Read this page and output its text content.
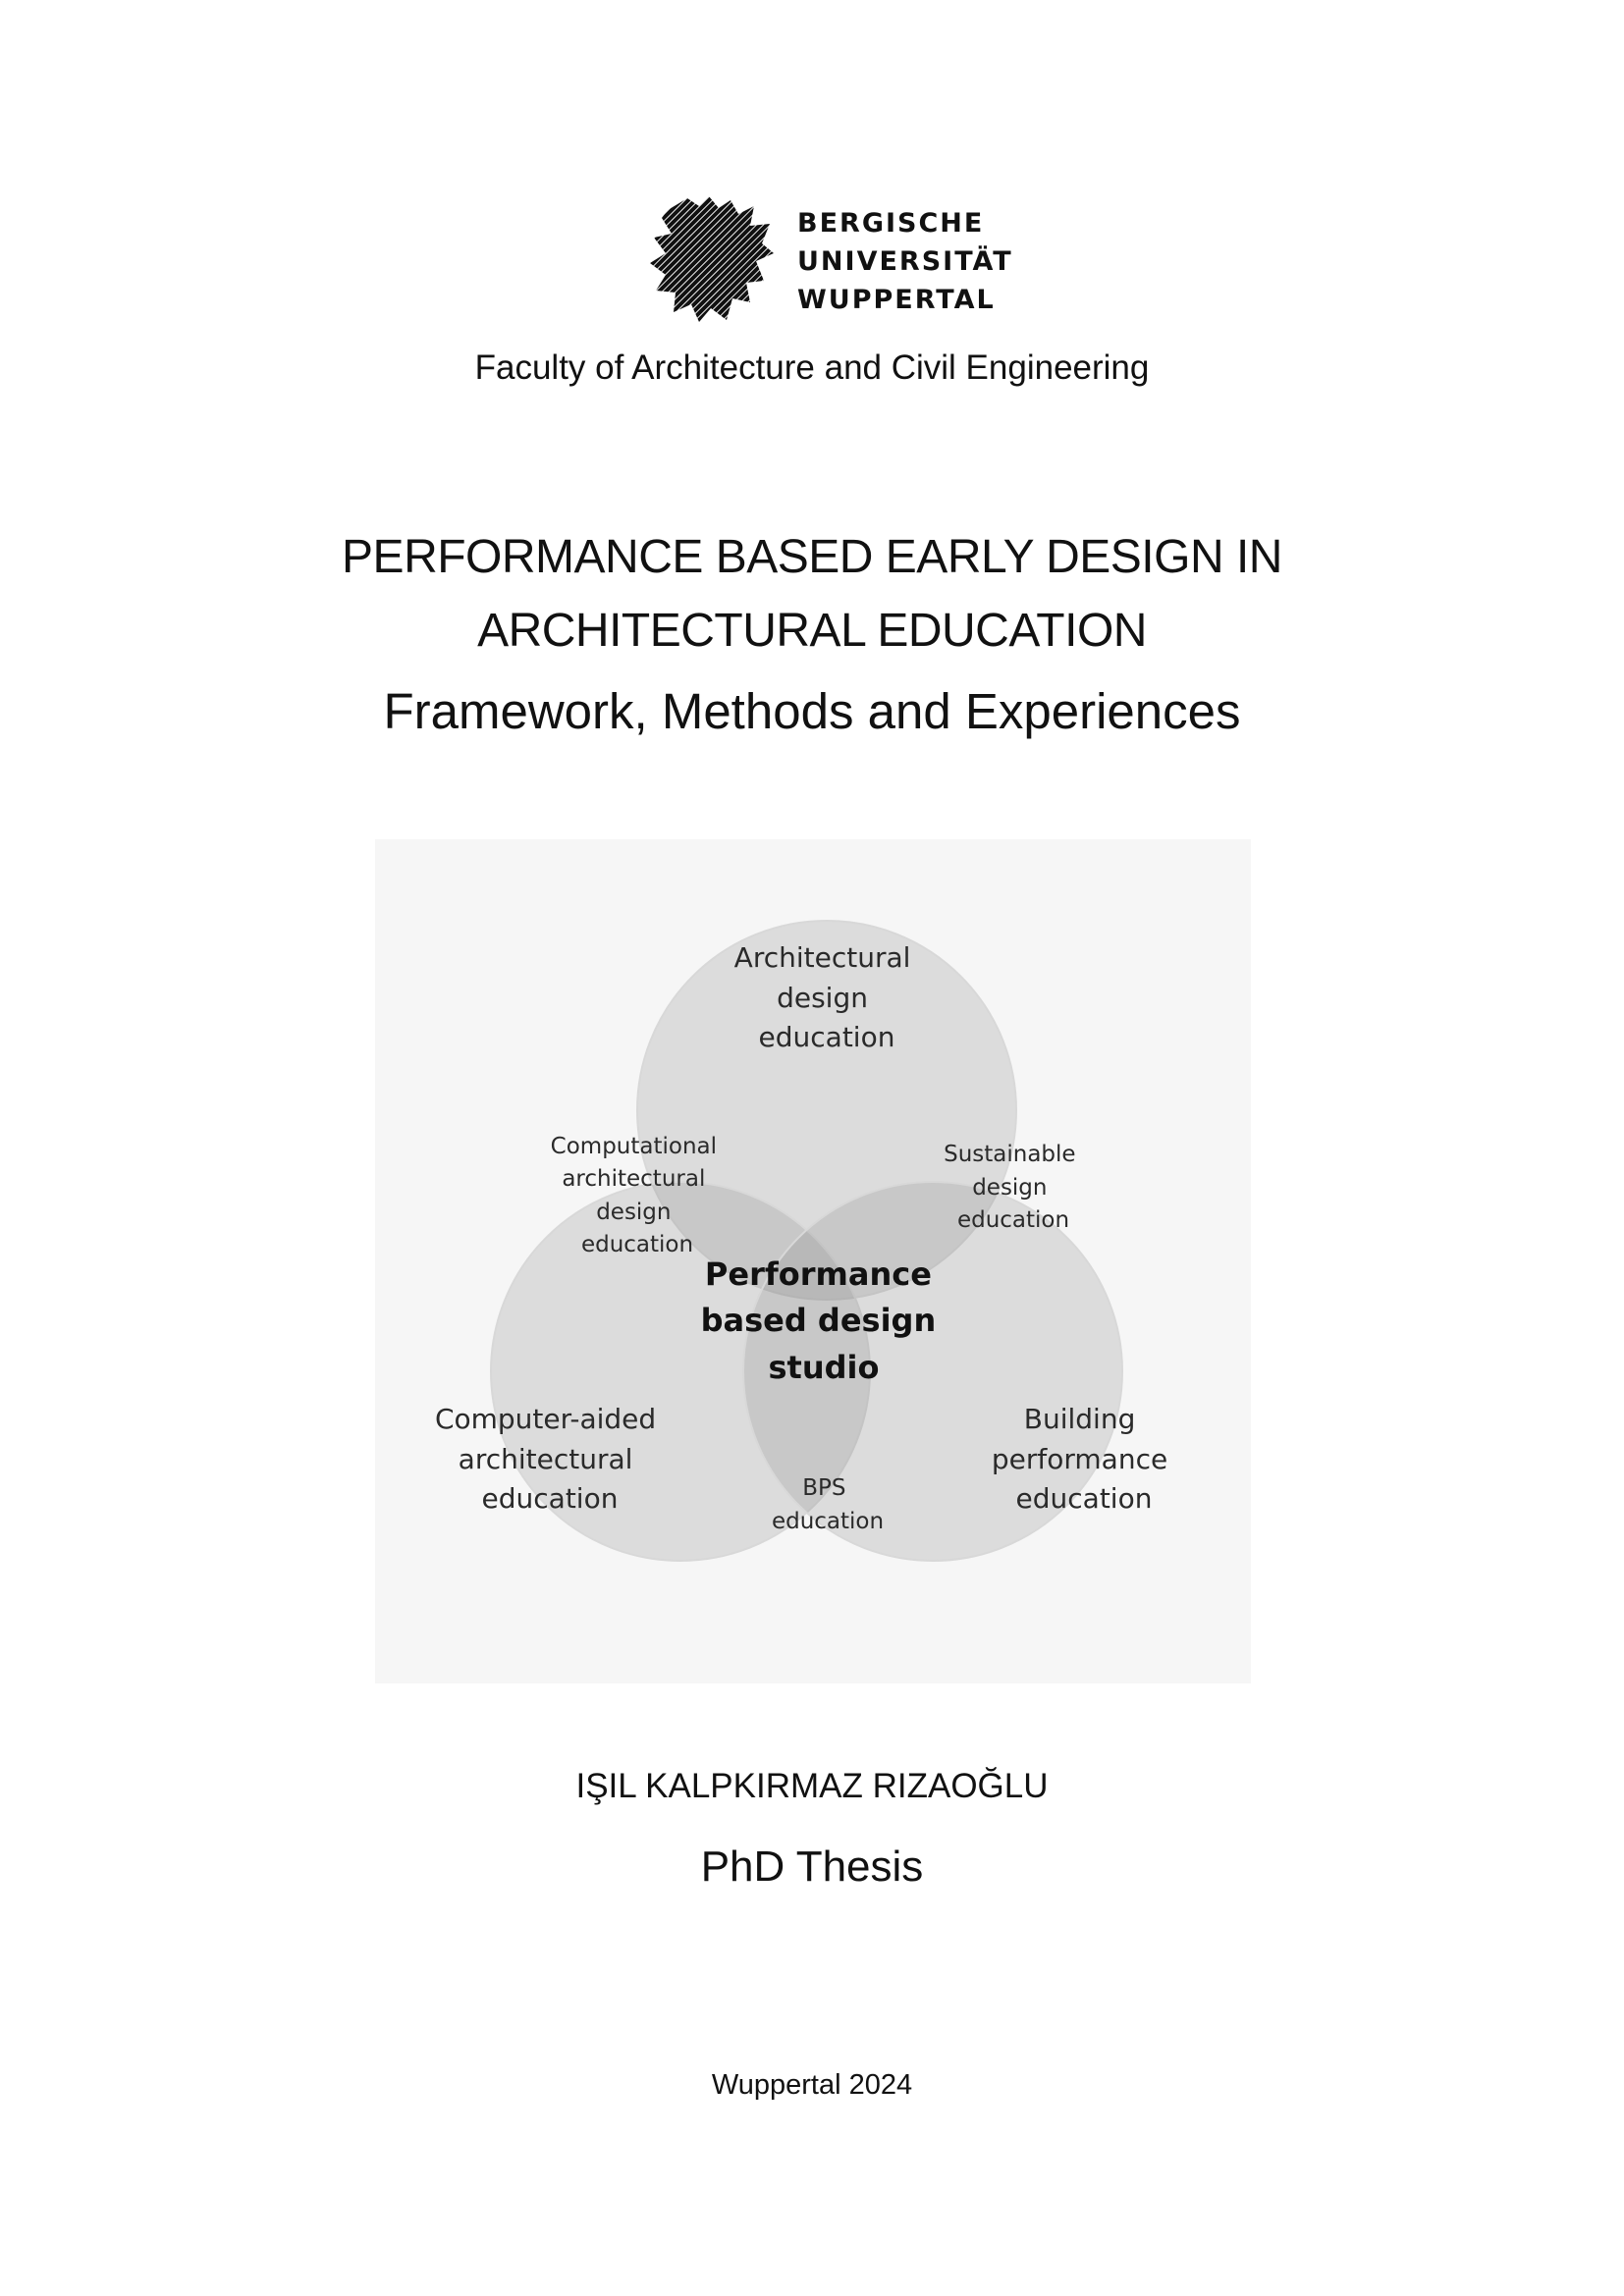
BERGISCHE
UNIVERSITÄT
WUPPERTAL
Faculty of Architecture and Civil Engineering
PERFORMANCE BASED EARLY DESIGN IN
ARCHITECTURAL EDUCATION
Framework, Methods and Experiences
Architectural design education
Computational architectural design education
Sustainable design education
Performance based design studio
Computer-aided architectural education
Building performance education
BPS education
IŞIL KALPKIRMAZ RIZAOĞLU
PhD Thesis
Wuppertal 2024
